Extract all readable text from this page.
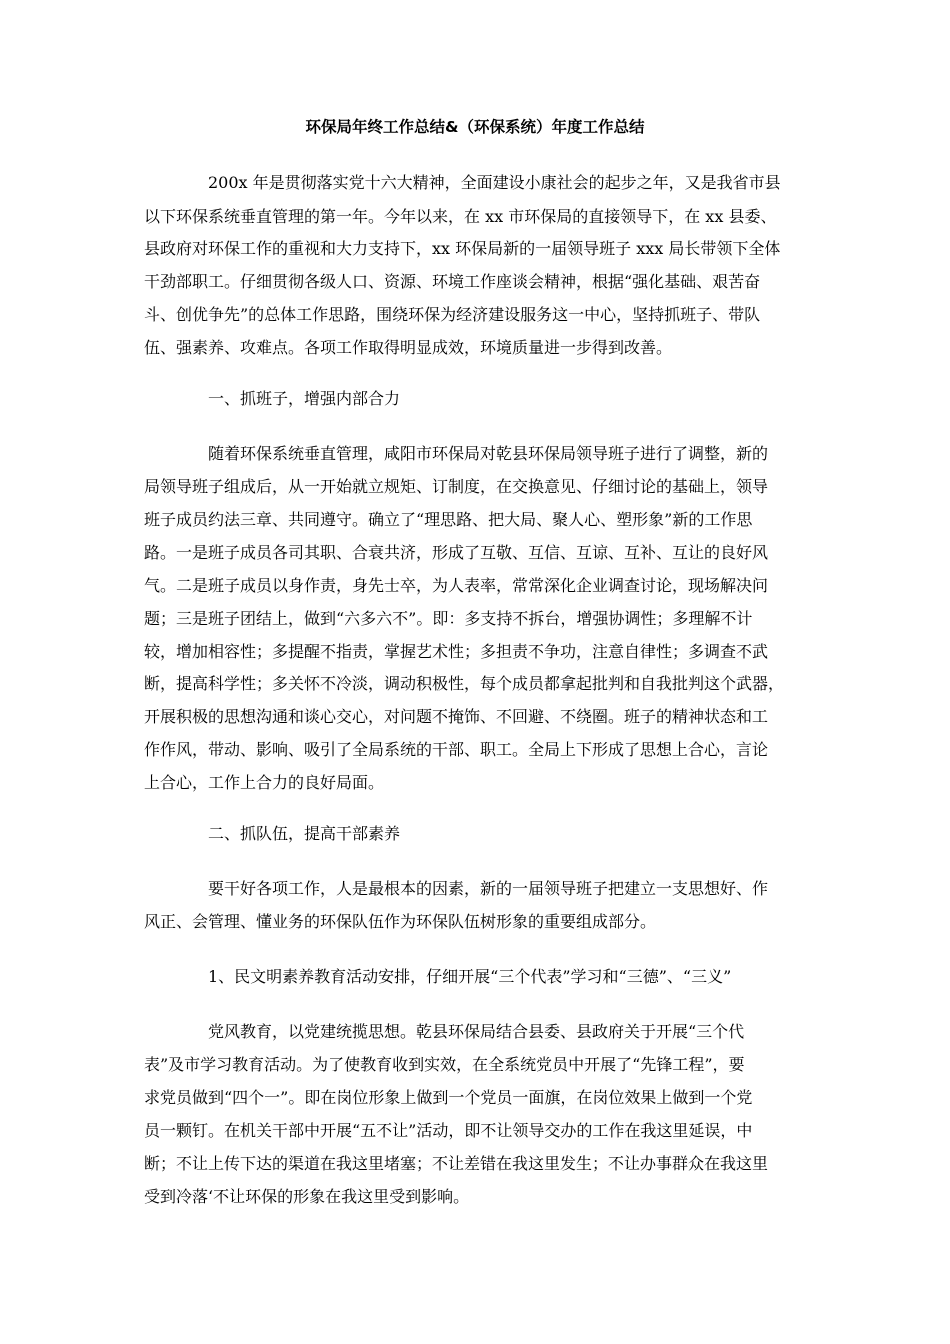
环保局年终工作总结&（环保系统）年度工作总结
200x 年是贯彻落实党十六大精神，全面建设小康社会的起步之年，又是我省市县
以下环保系统垂直管理的第一年。今年以来，在 xx 市环保局的直接领导下，在 xx 县委、
县政府对环保工作的重视和大力支持下，xx 环保局新的一届领导班子 xxx 局长带领下全体
干劲部职工。仔细贯彻各级人口、资源、环境工作座谈会精神，根据“强化基础、艰苦奋
斗、创优争先”的总体工作思路，围绕环保为经济建设服务这一中心，坚持抓班子、带队
伍、强素养、攻难点。各项工作取得明显成效，环境质量进一步得到改善。
一、抓班子，增强内部合力
随着环保系统垂直管理，咸阳市环保局对乾县环保局领导班子进行了调整，新的
局领导班子组成后，从一开始就立规矩、订制度，在交换意见、仔细讨论的基础上，领导
班子成员约法三章、共同遵守。确立了“理思路、把大局、聚人心、塑形象”新的工作思
路。一是班子成员各司其职、合衰共济，形成了互敬、互信、互谅、互补、互让的良好风
气。二是班子成员以身作责，身先士卒，为人表率，常常深化企业调查讨论，现场解决问
题；三是班子团结上，做到“六多六不”。即：多支持不拆台，增强协调性；多理解不计
较，增加相容性；多提醒不指责，掌握艺术性；多担责不争功，注意自律性；多调查不武
断，提高科学性；多关怀不冷淡，调动积极性，每个成员都拿起批判和自我批判这个武器，
开展积极的思想沟通和谈心交心，对问题不掩饰、不回避、不绕圈。班子的精神状态和工
作作风，带动、影响、吸引了全局系统的干部、职工。全局上下形成了思想上合心，言论
上合心，工作上合力的良好局面。
二、抓队伍，提高干部素养
要干好各项工作，人是最根本的因素，新的一届领导班子把建立一支思想好、作
风正、会管理、懂业务的环保队伍作为环保队伍树形象的重要组成部分。
1、民文明素养教育活动安排，仔细开展“三个代表”学习和“三德”、“三义”
党风教育，以党建统揽思想。乾县环保局结合县委、县政府关于开展“三个代
表”及市学习教育活动。为了使教育收到实效，在全系统党员中开展了“先锋工程”，要
求党员做到“四个一”。即在岗位形象上做到一个党员一面旗，在岗位效果上做到一个党
员一颗钉。在机关干部中开展“五不让”活动，即不让领导交办的工作在我这里延误，中
断；不让上传下达的渠道在我这里堵塞；不让差错在我这里发生；不让办事群众在我这里
受到冷落‘不让环保的形象在我这里受到影响。
